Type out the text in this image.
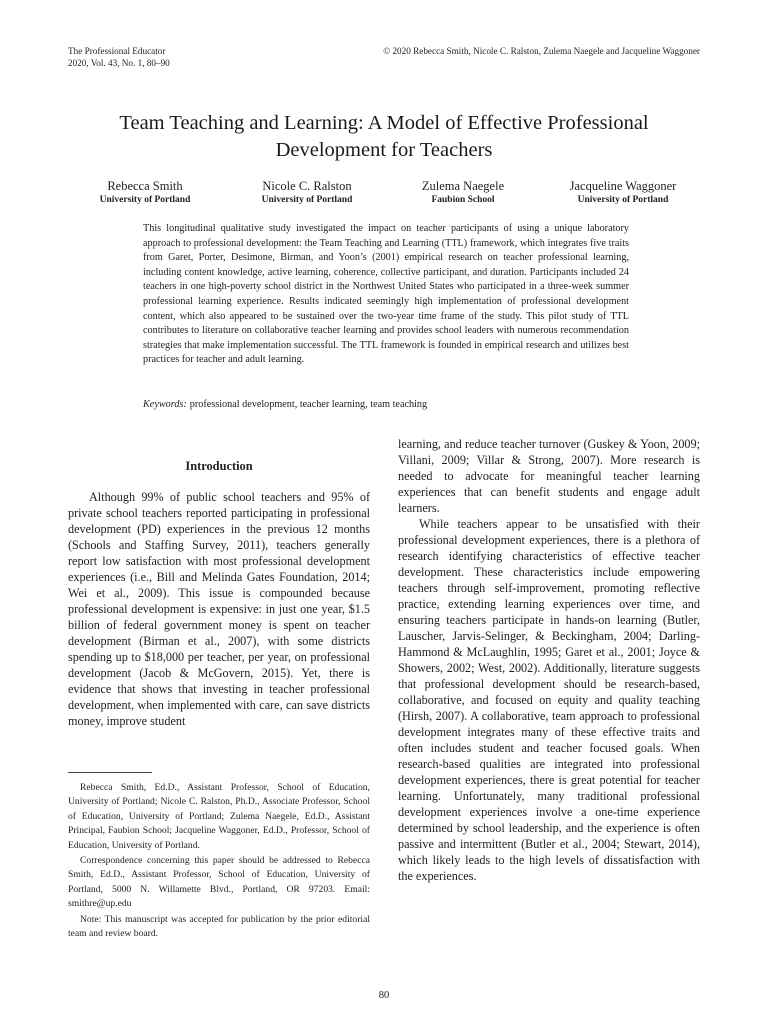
The Professional Educator
2020, Vol. 43, No. 1, 80–90
© 2020 Rebecca Smith, Nicole C. Ralston, Zulema Naegele and Jacqueline Waggoner
Team Teaching and Learning: A Model of Effective Professional Development for Teachers
Rebecca Smith
University of Portland
Nicole C. Ralston
University of Portland
Zulema Naegele
Faubion School
Jacqueline Waggoner
University of Portland
This longitudinal qualitative study investigated the impact on teacher participants of using a unique laboratory approach to professional development: the Team Teaching and Learning (TTL) framework, which integrates five traits from Garet, Porter, Desimone, Birman, and Yoon’s (2001) empirical research on teacher professional learning, including content knowledge, active learning, coherence, collective participant, and duration. Participants included 24 teachers in one high-poverty school district in the Northwest United States who participated in a three-week summer professional learning experience. Results indicated seemingly high implementation of professional development content, which also appeared to be sustained over the two-year time frame of the study. This pilot study of TTL contributes to literature on collaborative teacher learning and provides school leaders with numerous recommendation strategies that make implementation successful. The TTL framework is founded in empirical research and utilizes best practices for teacher and adult learning.
Keywords: professional development, teacher learning, team teaching
Introduction

Although 99% of public school teachers and 95% of private school teachers reported participating in professional development (PD) experiences in the previous 12 months (Schools and Staffing Survey, 2011), teachers generally report low satisfaction with most professional development experiences (i.e., Bill and Melinda Gates Foundation, 2014; Wei et al., 2009). This issue is compounded because professional development is expensive: in just one year, $1.5 billion of federal government money is spent on teacher development (Birman et al., 2007), with some districts spending up to $18,000 per teacher, per year, on professional development (Jacob & McGovern, 2015). Yet, there is evidence that shows that investing in teacher professional development, when implemented with care, can save districts money, improve student

Rebecca Smith, Ed.D., Assistant Professor, School of Education, University of Portland; Nicole C. Ralston, Ph.D., Associate Professor, School of Education, University of Portland; Zulema Naegele, Ed.D., Assistant Principal, Faubion School; Jacqueline Waggoner, Ed.D., Professor, School of Education, University of Portland.

Correspondence concerning this paper should be addressed to Rebecca Smith, Ed.D., Assistant Professor, School of Education, University of Portland, 5000 N. Willamette Blvd., Portland, OR 97203. Email: smithre@up.edu

Note: This manuscript was accepted for publication by the prior editorial team and review board.

learning, and reduce teacher turnover (Guskey & Yoon, 2009; Villani, 2009; Villar & Strong, 2007). More research is needed to advocate for meaningful teacher learning experiences that can benefit students and engage adult learners.

While teachers appear to be unsatisfied with their professional development experiences, there is a plethora of research identifying characteristics of effective teacher development. These characteristics include empowering teachers through self-improvement, promoting reflective practice, extending learning experiences over time, and ensuring teachers participate in hands-on learning (Butler, Lauscher, Jarvis-Selinger, & Beckingham, 2004; Darling-Hammond & McLaughlin, 1995; Garet et al., 2001; Joyce & Showers, 2002; West, 2002). Additionally, literature suggests that professional development should be research-based, collaborative, and focused on equity and quality teaching (Hirsh, 2007). A collaborative, team approach to professional development integrates many of these effective traits and often includes student and teacher focused goals. When research-based qualities are integrated into professional development experiences, there is great potential for teacher learning. Unfortunately, many traditional professional development experiences involve a one-time experience determined by school leadership, and the experience is often passive and intermittent (Butler et al., 2004; Stewart, 2014), which likely leads to the high levels of dissatisfaction with the experiences.

80
